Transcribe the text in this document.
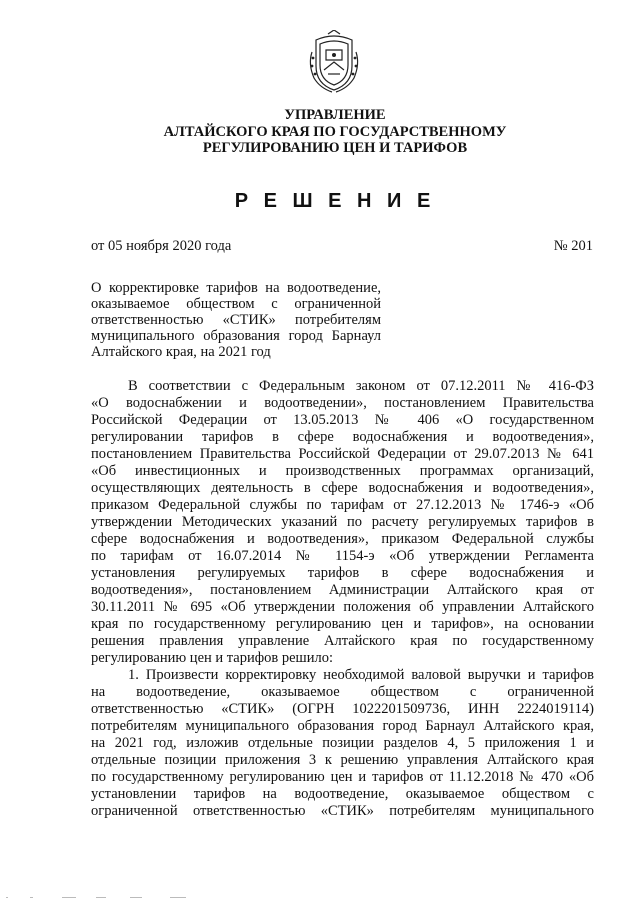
УПРАВЛЕНИЕ
АЛТАЙСКОГО КРАЯ ПО ГОСУДАРСТВЕННОМУ
РЕГУЛИРОВАНИЮ ЦЕН И ТАРИФОВ
Р Е Ш Е Н И Е
от 05 ноября 2020 года	№ 201
О корректировке тарифов на водоотведение,
оказываемое обществом с ограниченной
ответственностью «СТИК» потребителям
муниципального образования город Барнаул
Алтайского края, на 2021 год
В соответствии с Федеральным законом от 07.12.2011 № 416-ФЗ
«О водоснабжении и водоотведении», постановлением Правительства
Российской Федерации от 13.05.2013 № 406 «О государственном
регулировании тарифов в сфере водоснабжения и водоотведения»,
постановлением Правительства Российской Федерации от 29.07.2013 № 641
«Об инвестиционных и производственных программах организаций,
осуществляющих деятельность в сфере водоснабжения и водоотведения»,
приказом Федеральной службы по тарифам от 27.12.2013 № 1746-э «Об
утверждении Методических указаний по расчету регулируемых тарифов в
сфере водоснабжения и водоотведения», приказом Федеральной службы
по тарифам от 16.07.2014 № 1154-э «Об утверждении Регламента
установления регулируемых тарифов в сфере водоснабжения и
водоотведения», постановлением Администрации Алтайского края от
30.11.2011 № 695 «Об утверждении положения об управлении Алтайского
края по государственному регулированию цен и тарифов», на основании
решения правления управление Алтайского края по государственному
регулированию цен и тарифов решило:
1. Произвести корректировку необходимой валовой выручки и тарифов
на водоотведение, оказываемое обществом с ограниченной
ответственностью «СТИК» (ОГРН 1022201509736, ИНН 2224019114)
потребителям муниципального образования город Барнаул Алтайского края,
на 2021 год, изложив отдельные позиции разделов 4, 5 приложения 1 и
отдельные позиции приложения 3 к решению управления Алтайского края
по государственному регулированию цен и тарифов от 11.12.2018 № 470 «Об
установлении тарифов на водоотведение, оказываемое обществом с
ограниченной ответственностью «СТИК» потребителям муниципального
